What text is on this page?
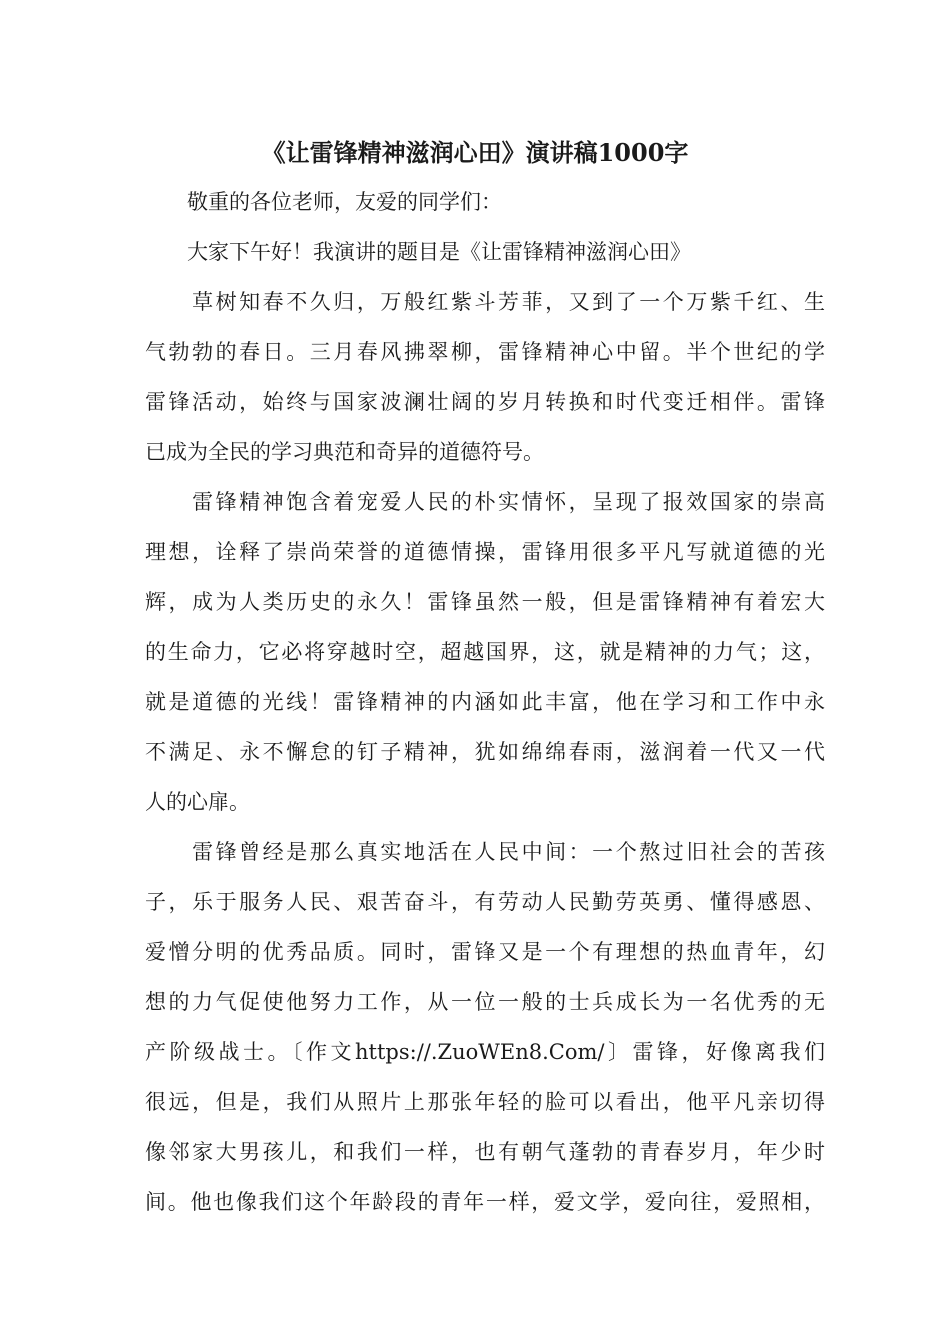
《让雷锋精神滋润心田》演讲稿1000字

　　敬重的各位老师，友爱的同学们：

　　大家下午好！我演讲的题目是《让雷锋精神滋润心田》

　　草树知春不久归，万般红紫斗芳菲，又到了一个万紫千红、生

气勃勃的春日。三月春风拂翠柳，雷锋精神心中留。半个世纪的学

雷锋活动，始终与国家波澜壮阔的岁月转换和时代变迁相伴。雷锋

已成为全民的学习典范和奇异的道德符号。

　　雷锋精神饱含着宠爱人民的朴实情怀，呈现了报效国家的崇高

理想，诠释了崇尚荣誉的道德情操，雷锋用很多平凡写就道德的光

辉，成为人类历史的永久！雷锋虽然一般，但是雷锋精神有着宏大

的生命力，它必将穿越时空，超越国界，这，就是精神的力气；这，

就是道德的光线！雷锋精神的内涵如此丰富，他在学习和工作中永

不满足、永不懈怠的钉子精神，犹如绵绵春雨，滋润着一代又一代

人的心扉。

　　雷锋曾经是那么真实地活在人民中间：一个熬过旧社会的苦孩

子，乐于服务人民、艰苦奋斗，有劳动人民勤劳英勇、懂得感恩、

爱憎分明的优秀品质。同时，雷锋又是一个有理想的热血青年，幻

想的力气促使他努力工作，从一位一般的士兵成长为一名优秀的无

产阶级战士。〔作文https://.ZuoWEn8.Com/〕雷锋，好像离我们

很远，但是，我们从照片上那张年轻的脸可以看出，他平凡亲切得

像邻家大男孩儿，和我们一样，也有朝气蓬勃的青春岁月，年少时

间。他也像我们这个年龄段的青年一样，爱文学，爱向往，爱照相，
